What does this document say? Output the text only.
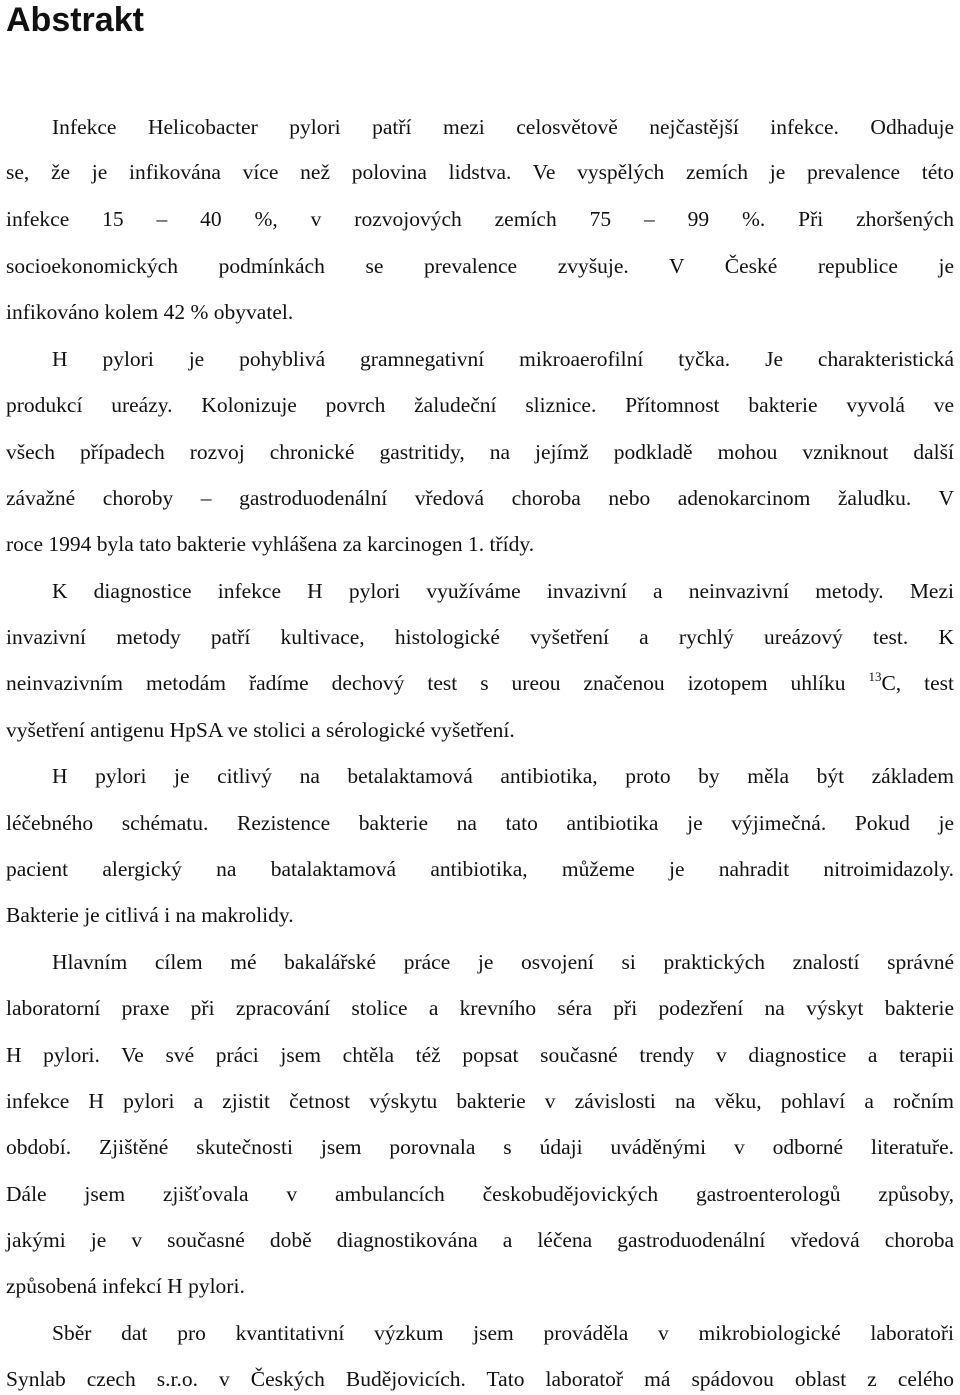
Abstrakt

Infekce Helicobacter pylori patří mezi celosvětově nejčastější infekce. Odhaduje

se, že je infikována více než polovina lidstva. Ve vyspělých zemích je prevalence této

infekce 15 – 40 %, v rozvojových zemích 75 – 99 %. Při zhoršených

socioekonomických podmínkách se prevalence zvyšuje. V České republice je

infikováno kolem 42 % obyvatel.

H pylori je pohyblivá gramnegativní mikroaerofilní tyčka. Je charakteristická

produkcí ureázy. Kolonizuje povrch žaludeční sliznice. Přítomnost bakterie vyvolá ve

všech případech rozvoj chronické gastritidy, na jejímž podkladě mohou vzniknout další

závažné choroby – gastroduodenální vředová choroba nebo adenokarcinom žaludku. V

roce 1994 byla tato bakterie vyhlášena za karcinogen 1. třídy.

K diagnostice infekce H pylori využíváme invazivní a neinvazivní metody. Mezi

invazivní metody patří kultivace, histologické vyšetření a rychlý ureázový test. K

neinvazivním metodám řadíme dechový test s ureou značenou izotopem uhlíku $^{13}$C, test

vyšetření antigenu HpSA ve stolici a sérologické vyšetření.

H pylori je citlivý na betalaktamová antibiotika, proto by měla být základem

léčebného schématu. Rezistence bakterie na tato antibiotika je výjimečná. Pokud je

pacient alergický na batalaktamová antibiotika, můžeme je nahradit nitroimidazoly.

Bakterie je citlivá i na makrolidy.

Hlavním cílem mé bakalářské práce je osvojení si praktických znalostí správné

laboratorní praxe při zpracování stolice a krevního séra při podezření na výskyt bakterie

H pylori. Ve své práci jsem chtěla též popsat současné trendy v diagnostice a terapii

infekce H pylori a zjistit četnost výskytu bakterie v závislosti na věku, pohlaví a ročním

období. Zjištěné skutečnosti jsem porovnala s údaji uváděnými v odborné literatuře.

Dále jsem zjišťovala v ambulancích českobudějovických gastroenterologů způsoby,

jakými je v současné době diagnostikována a léčena gastroduodenální vředová choroba

způsobená infekcí H pylori.

Sběr dat pro kvantitativní výzkum jsem prováděla v mikrobiologické laboratoři

Synlab czech s.r.o. v Českých Budějovicích. Tato laboratoř má spádovou oblast z celého
